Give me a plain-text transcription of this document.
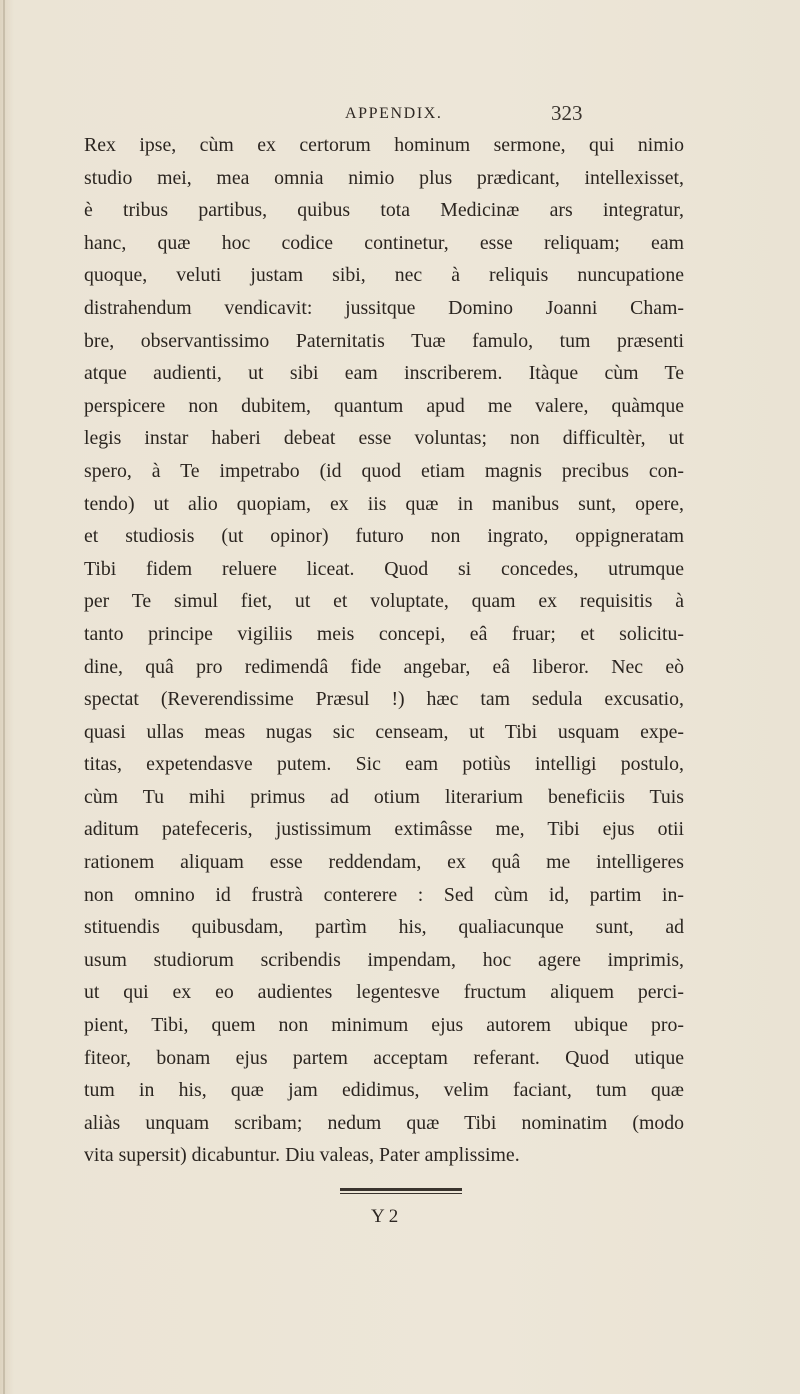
APPENDIX.	323
Rex ipse, cùm ex certorum hominum sermone, qui nimio
studio mei, mea omnia nimio plus prædicant, intellexisset,
è tribus partibus, quibus tota Medicinæ ars integratur,
hanc, quæ hoc codice continetur, esse reliquam; eam
quoque, veluti justam sibi, nec à reliquis nuncupatione
distrahendum vendicavit: jussitque Domino Joanni Cham-
bre, observantissimo Paternitatis Tuæ famulo, tum præsenti
atque audienti, ut sibi eam inscriberem. Itàque cùm Te
perspicere non dubitem, quantum apud me valere, quàmque
legis instar haberi debeat esse voluntas; non difficultèr, ut
spero, à Te impetrabo (id quod etiam magnis precibus con-
tendo) ut alio quopiam, ex iis quæ in manibus sunt, opere,
et studiosis (ut opinor) futuro non ingrato, oppigneratam
Tibi fidem reluere liceat. Quod si concedes, utrumque
per Te simul fiet, ut et voluptate, quam ex requisitis à
tanto principe vigiliis meis concepi, eâ fruar; et solicitu-
dine, quâ pro redimendâ fide angebar, eâ liberor. Nec eò
spectat (Reverendissime Præsul !) hæc tam sedula excusatio,
quasi ullas meas nugas sic censeam, ut Tibi usquam expe-
titas, expetendasve putem. Sic eam potiùs intelligi postulo,
cùm Tu mihi primus ad otium literarium beneficiis Tuis
aditum patefeceris, justissimum extimâsse me, Tibi ejus otii
rationem aliquam esse reddendam, ex quâ me intelligeres
non omnino id frustrà conterere : Sed cùm id, partim in-
stituendis quibusdam, partìm his, qualiacunque sunt, ad
usum studiorum scribendis impendam, hoc agere imprimis,
ut qui ex eo audientes legentesve fructum aliquem perci-
pient, Tibi, quem non minimum ejus autorem ubique pro-
fiteor, bonam ejus partem acceptam referant. Quod utique
tum in his, quæ jam edidimus, velim faciant, tum quæ
aliàs unquam scribam; nedum quæ Tibi nominatim (modo
vita supersit) dicabuntur. Diu valeas, Pater amplissime.
Y 2
